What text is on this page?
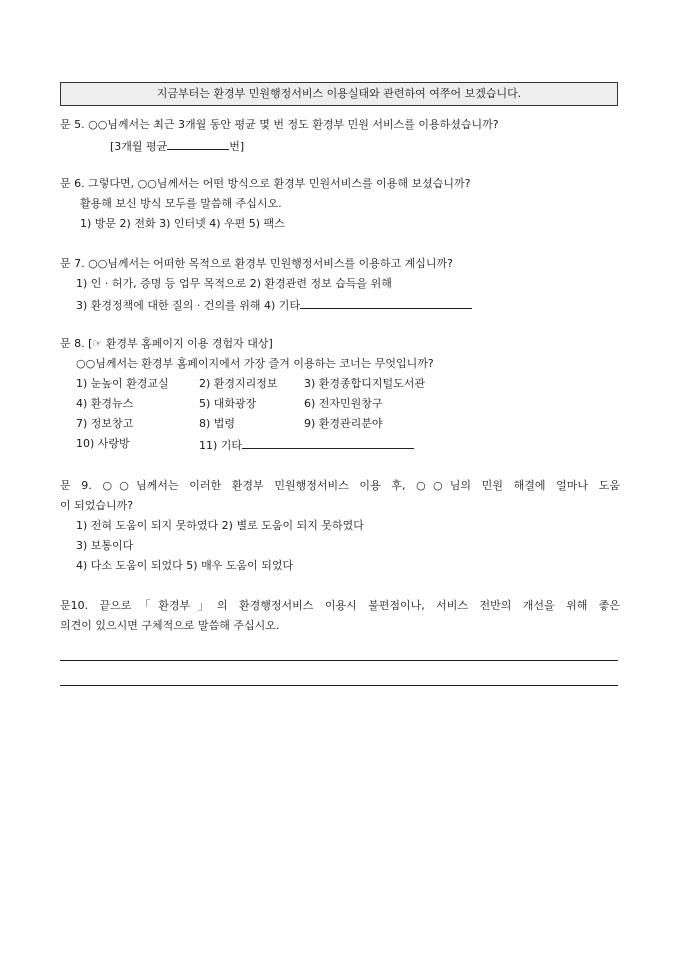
지금부터는 환경부 민원행정서비스 이용실태와 관련하여 여쭈어 보겠습니다.
문 5. ○○님께서는 최근 3개월 동안 평균 몇 번 정도 환경부 민원 서비스를 이용하셨습니까?
[3개월 평균	번]
문 6. 그렇다면, ○○님께서는 어떤 방식으로 환경부 민원서비스를 이용해 보셨습니까?
활용해 보신 방식 모두를 말씀해 주십시오.
1) 방문 2) 전화 3) 인터넷 4) 우편 5) 팩스
문 7. ○○님께서는 어떠한 목적으로 환경부 민원행정서비스를 이용하고 계십니까?
1) 인 · 허가, 증명 등 업무 목적으로 2) 환경관련 정보 습득을 위해
3) 환경정책에 대한 질의 · 건의를 위해 4) 기타
문 8. [☞ 환경부 홈페이지 이용 경험자 대상]
○○님께서는 환경부 홈페이지에서 가장 즐겨 이용하는 코너는 무엇입니까?
1) 눈높이 환경교실	2) 환경지리정보 3) 환경종합디지털도서관
4) 환경뉴스	5) 대화광장	6) 전자민원창구
7) 정보창고	8) 법령	9) 환경관리분야
10) 사랑방	11) 기타
문 9. ○○님께서는 이러한 환경부 민원행정서비스 이용 후, ○○님의 민원 해결에 얼마나 도움
이 되었습니까?
1) 전혀 도움이 되지 못하였다 2) 별로 도움이 되지 못하였다
3) 보통이다
4) 다소 도움이 되었다 5) 매우 도움이 되었다
문10. 끝으로「환경부」의 환경행정서비스 이용시 불편점이나, 서비스 전반의 개선을 위해 좋은
의견이 있으시면 구체적으로 말씀해 주십시오.
